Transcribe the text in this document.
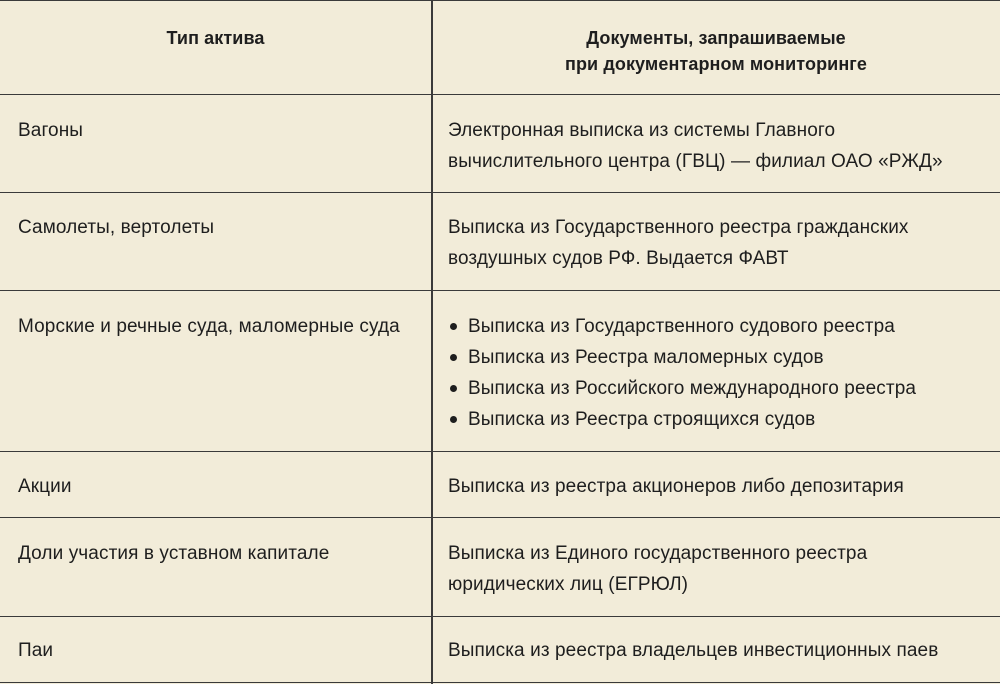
Тип актива	Документы, запрашиваемые
при документарном мониторинге
Вагоны	Электронная выписка из системы Главного
вычислительного центра (ГВЦ) — филиал ОАО «РЖД»
Самолеты, вертолеты	Выписка из Государственного реестра гражданских
воздушных судов РФ. Выдается ФАВТ
Морские и речные суда, маломерные суда	Выписка из Государственного судового реестра
Выписка из Реестра маломерных судов
Выписка из Российского международного реестра
Выписка из Реестра строящихся судов
Акции	Выписка из реестра акционеров либо депозитария
Доли участия в уставном капитале	Выписка из Единого государственного реестра
юридических лиц (ЕГРЮЛ)
Паи	Выписка из реестра владельцев инвестиционных паев
